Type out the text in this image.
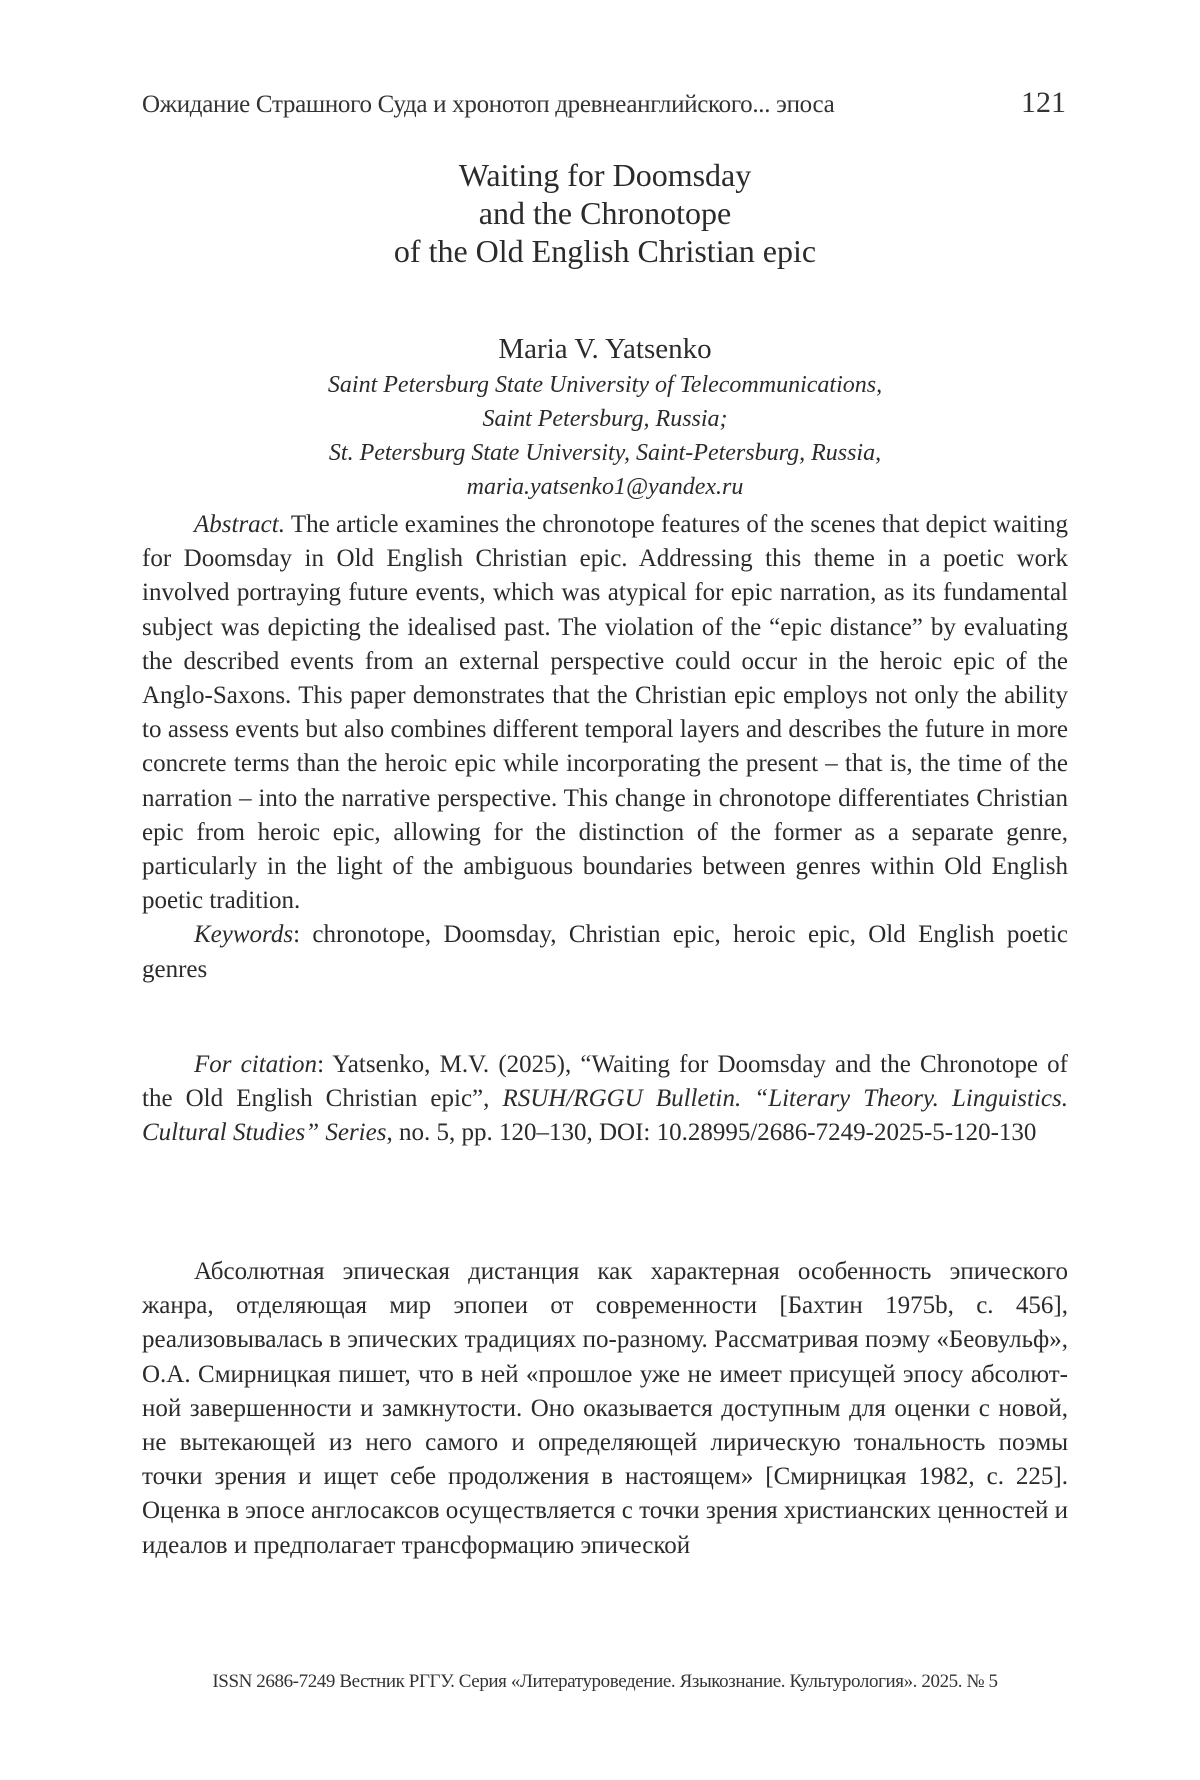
Ожидание Страшного Суда и хронотоп древнеанглийского... эпоса	121
Waiting for Doomsday
and the Chronotope
of the Old English Christian epic
Maria V. Yatsenko
Saint Petersburg State University of Telecommunications,
Saint Petersburg, Russia;
St. Petersburg State University, Saint-Petersburg, Russia,
maria.yatsenko1@yandex.ru

Abstract. The article examines the chronotope features of the scenes that depict waiting for Doomsday in Old English Christian epic. Addressing this theme in a poetic work involved portraying future events, which was atypical for epic narration, as its fundamental subject was depicting the idealised past. The violation of the “epic distance” by evaluating the described events from an external perspective could occur in the heroic epic of the Anglo-Saxons. This paper demonstrates that the Christian epic employs not only the ability to assess events but also combines different temporal layers and describes the future in more concrete terms than the heroic epic while incorporating the present – that is, the time of the narration – into the narrative perspective. This change in chronotope differentiates Christian epic from heroic epic, allowing for the distinction of the former as a separate genre, particularly in the light of the ambiguous boundaries between genres within Old English poetic tradition.

Keywords: chronotope, Doomsday, Christian epic, heroic epic, Old English poetic genres

For citation: Yatsenko, M.V. (2025), “Waiting for Doomsday and the Chronotope of the Old English Christian epic”, RSUH/RGGU Bulletin. “Literary Theory. Linguistics. Cultural Studies” Series, no. 5, pp. 120–130, DOI: 10.28995/2686-7249-2025-5-120-130

Абсолютная эпическая дистанция как характерная особенность эпического жанра, отделяющая мир эпопеи от современности [Бахтин 1975b, с. 456], реализовывалась в эпических традициях по-разному. Рассматривая поэму «Беовульф», О.А. Смирницкая пишет, что в ней «прошлое уже не имеет присущей эпосу абсолютной завершенности и замкнутости. Оно оказывается доступным для оценки с новой, не вытекающей из него самого и определяющей лирическую тональность поэмы точки зрения и ищет себе продолжения в настоящем» [Смирницкая 1982, с. 225]. Оценка в эпосе англосаксов осуществляется с точки зрения христианских ценностей и идеалов и предполагает трансформацию эпической

ISSN 2686-7249 Вестник РГГУ. Серия «Литературоведение. Языкознание. Культурология». 2025. № 5
